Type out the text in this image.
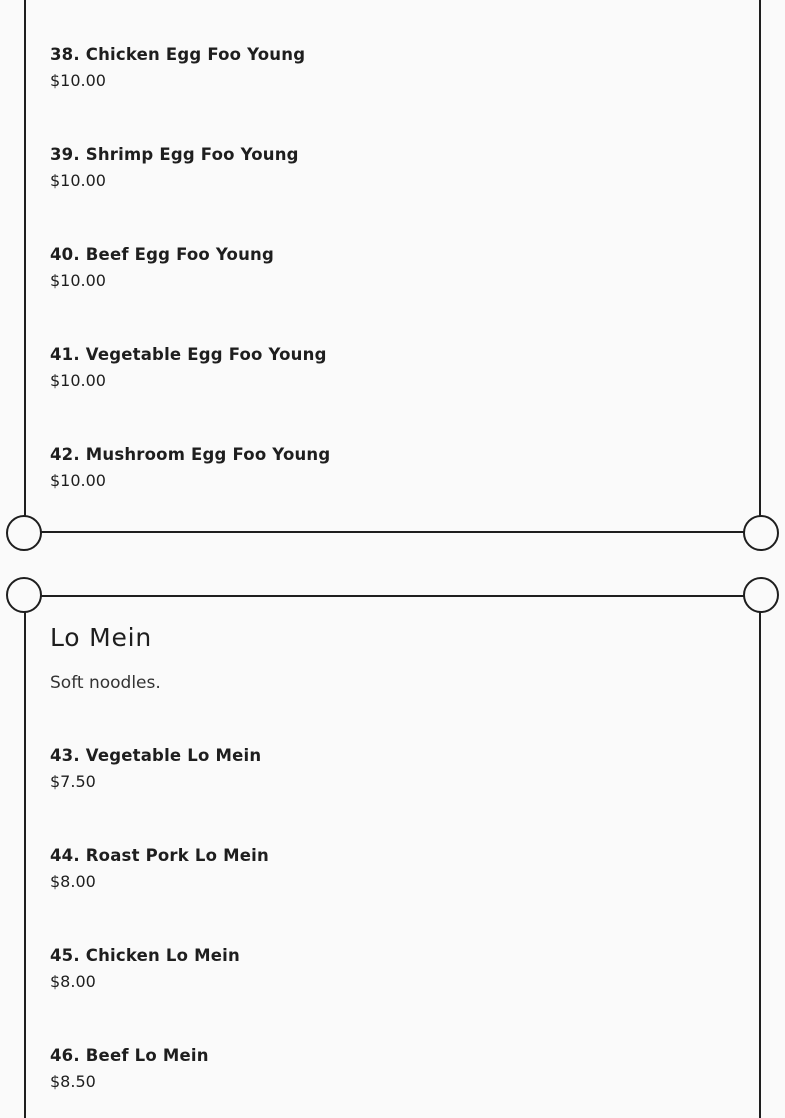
38. Chicken Egg Foo Young
$10.00
39. Shrimp Egg Foo Young
$10.00
40. Beef Egg Foo Young
$10.00
41. Vegetable Egg Foo Young
$10.00
42. Mushroom Egg Foo Young
$10.00
Lo Mein

Soft noodles.

43. Vegetable Lo Mein
$7.50
44. Roast Pork Lo Mein
$8.00
45. Chicken Lo Mein
$8.00
46. Beef Lo Mein
$8.50
